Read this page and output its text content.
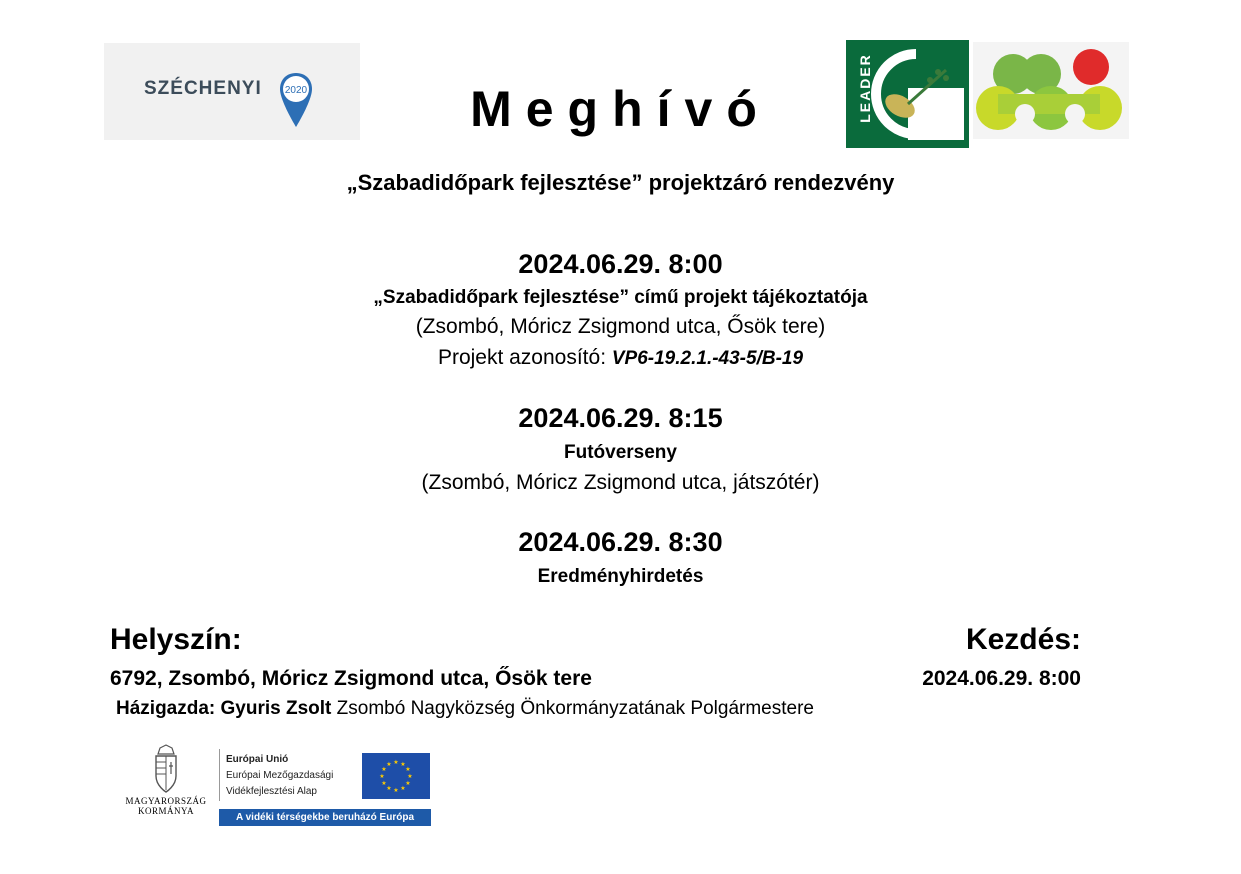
SZÉCHENYI 2020	Meghívó	LEADER
„Szabadidőpark fejlesztése” projektzáró rendezvény
2024.06.29. 8:00
„Szabadidőpark fejlesztése” című projekt tájékoztatója
(Zsombó, Móricz Zsigmond utca, Ősök tere)
Projekt azonosító: VP6-19.2.1.-43-5/B-19
2024.06.29. 8:15
Futóverseny
(Zsombó, Móricz Zsigmond utca, játszótér)
2024.06.29. 8:30
Eredményhirdetés
Helyszín:	Kezdés:
6792, Zsombó, Móricz Zsigmond utca, Ősök tere	2024.06.29. 8:00
Házigazda: Gyuris Zsolt Zsombó Nagyközség Önkormányzatának Polgármestere
MAGYARORSZÁG
KORMÁNYA
Európai Unió
Európai Mezőgazdasági
Vidékfejlesztési Alap
★ ★
★
★
★
★
★
★
★
★
★
★
A vidéki térségekbe beruházó Európa
